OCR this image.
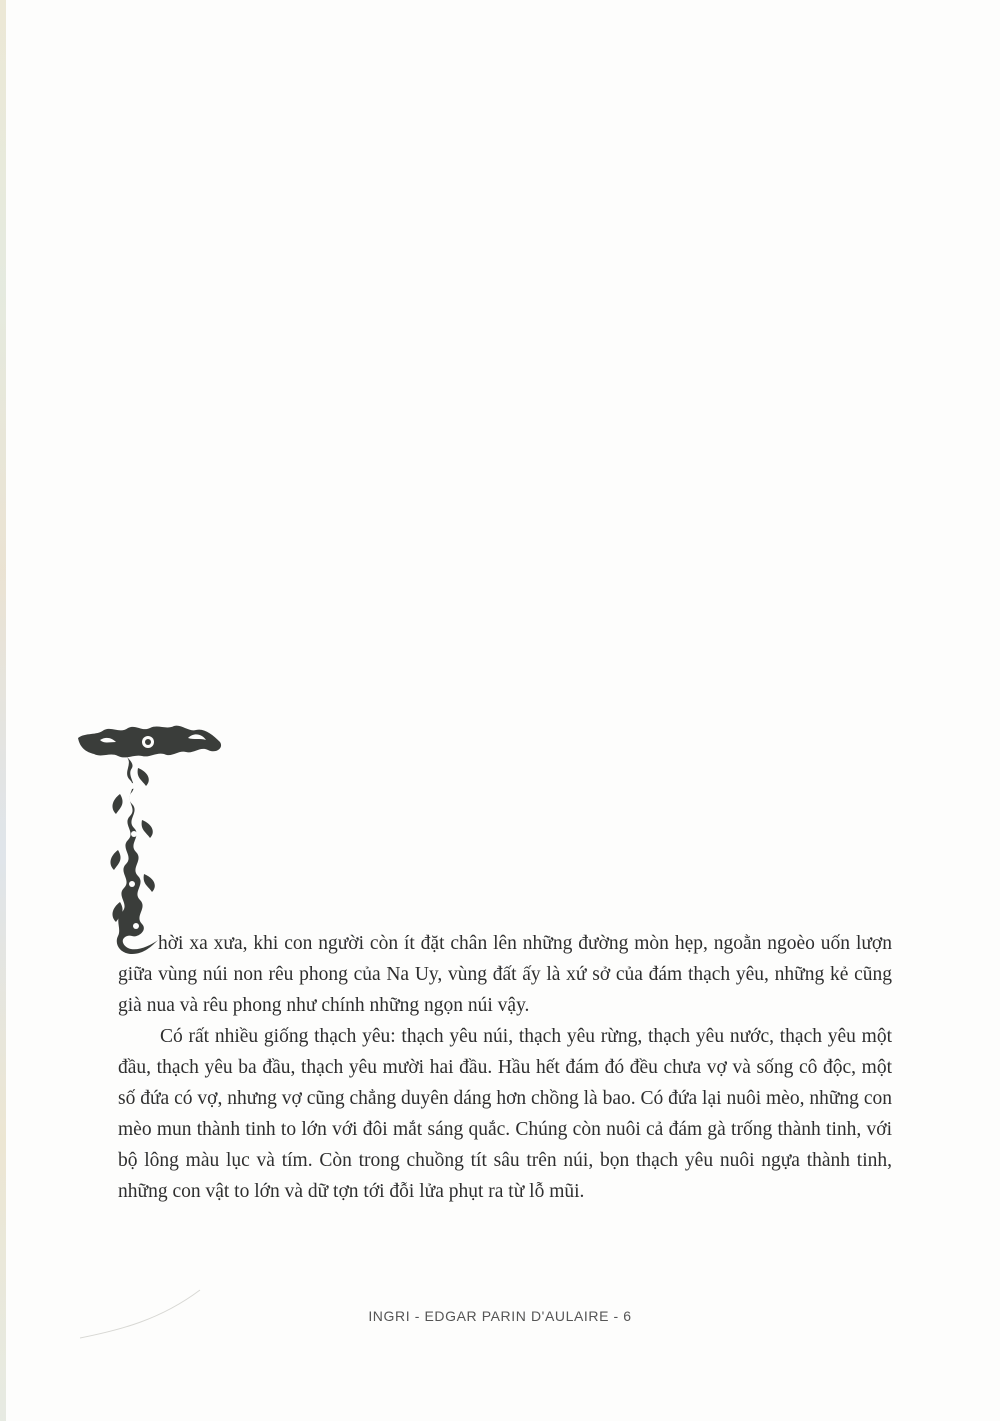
hời xa xưa, khi con người còn ít đặt chân lên những đường mòn hẹp, ngoằn ngoèo uốn lượn giữa vùng núi non rêu phong của Na Uy, vùng đất ấy là xứ sở của đám thạch yêu, những kẻ cũng già nua và rêu phong như chính những ngọn núi vậy.

Có rất nhiều giống thạch yêu: thạch yêu núi, thạch yêu rừng, thạch yêu nước, thạch yêu một đầu, thạch yêu ba đầu, thạch yêu mười hai đầu. Hầu hết đám đó đều chưa vợ và sống cô độc, một số đứa có vợ, nhưng vợ cũng chẳng duyên dáng hơn chồng là bao. Có đứa lại nuôi mèo, những con mèo mun thành tinh to lớn với đôi mắt sáng quắc. Chúng còn nuôi cả đám gà trống thành tinh, với bộ lông màu lục và tím. Còn trong chuồng tít sâu trên núi, bọn thạch yêu nuôi ngựa thành tinh, những con vật to lớn và dữ tợn tới đỗi lửa phụt ra từ lỗ mũi.

INGRI - EDGAR PARIN D'AULAIRE - 6
